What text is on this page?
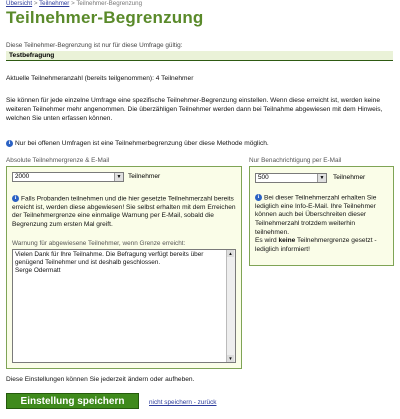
Übersicht > Teilnehmer > Teilnehmer-Begrenzung
Teilnehmer-Begrenzung
Diese Teilnehmer-Begrenzung ist nur für diese Umfrage gültig:
Testbefragung
Aktuelle Teilnehmeranzahl (bereits teilgenommen): 4 Teilnehmer
Sie können für jede einzelne Umfrage eine spezifische Teilnehmer-Begrenzung einstellen. Wenn diese erreicht ist, werden keine weiteren Teilnehmer mehr angenommen. Die überzähligen Teilnehmer werden dann bei Teilnahme abgewiesen mit dem Hinweis, welchen Sie unten erfassen können.
i Nur bei offenen Umfragen ist eine Teilnehmerbegrenzung über diese Methode möglich.
Absolute Teilnehmergrenze & E-Mail
2000	▼ Teilnehmer
i Falls Probanden teilnehmen und die hier gesetzte Teilnehmerzahl bereits erreicht ist, werden diese abgewiesen! Sie selbst erhalten mit dem Erreichen der Teilnehmergrenze eine einmalige Warnung per E-Mail, sobald die Begrenzung zum ersten Mal greift.
Warnung für abgewiesene Teilnehmer, wenn Grenze erreicht:
Vielen Dank für Ihre Teilnahme. Die Befragung verfügt bereits über genügend Teilnehmer und ist deshalb geschlossen.
Serge Odermatt
▲
▼
Nur Benachrichtigung per E-Mail
500	▼ Teilnehmer
i Bei dieser Teilnehmerzahl erhalten Sie lediglich eine Info-E-Mail. Ihre Teilnehmer können auch bei Überschreiten dieser Teilnehmerzahl trotzdem weiterhin teilnehmen.
Es wird keine Teilnehmergrenze gesetzt - lediglich informiert!
Diese Einstellungen können Sie jederzeit ändern oder aufheben.
Einstellung speichern	nicht speichern - zurück
